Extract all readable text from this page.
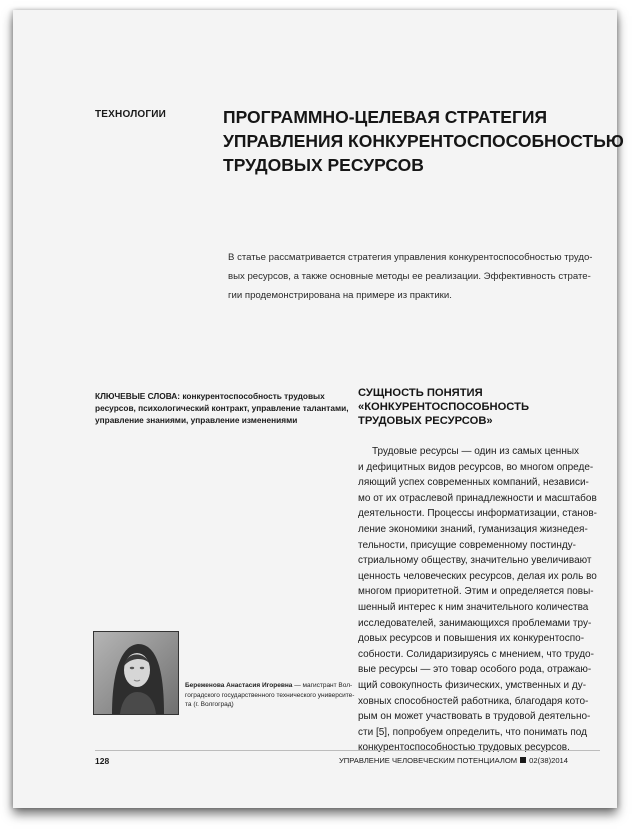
ТЕХНОЛОГИИ	ПРОГРАММНО-ЦЕЛЕВАЯ СТРАТЕГИЯ
УПРАВЛЕНИЯ КОНКУРЕНТОСПОСОБНОСТЬЮ
ТРУДОВЫХ РЕСУРСОВ
В статье рассматривается стратегия управления конкурентоспособностью трудо-
вых ресурсов, а также основные методы ее реализации. Эффективность страте-
гии продемонстрирована на примере из практики.
КЛЮЧЕВЫЕ СЛОВА: конкурентоспособность трудовых
ресурсов, психологический контракт, управление талантами,
управление знаниями, управление изменениями
СУЩНОСТЬ ПОНЯТИЯ
«КОНКУРЕНТОСПОСОБНОСТЬ
ТРУДОВЫХ РЕСУРСОВ»
Трудовые ресурсы — один из самых ценных
и дефицитных видов ресурсов, во многом опреде-
ляющий успех современных компаний, независи-
мо от их отраслевой принадлежности и масштабов
деятельности. Процессы информатизации, станов-
ление экономики знаний, гуманизация жизнедея-
тельности, присущие современному постинду-
стриальному обществу, значительно увеличивают
ценность человеческих ресурсов, делая их роль во
многом приоритетной. Этим и определяется повы-
шенный интерес к ним значительного количества
исследователей, занимающихся проблемами тру-
довых ресурсов и повышения их конкурентоспо-
собности. Солидаризируясь с мнением, что трудо-
вые ресурсы — это товар особого рода, отражаю-
щий совокупность физических, умственных и ду-
ховных способностей работника, благодаря кото-
рым он может участвовать в трудовой деятельно-
сти [5], попробуем определить, что понимать под
конкурентоспособностью трудовых ресурсов.
Береженова Анастасия Игоревна — магистрант Вол-
гоградского государственного технического университе-
та (г. Волгоград)
128	УПРАВЛЕНИЕ ЧЕЛОВЕЧЕСКИМ ПОТЕНЦИАЛОМ 02(38)2014
